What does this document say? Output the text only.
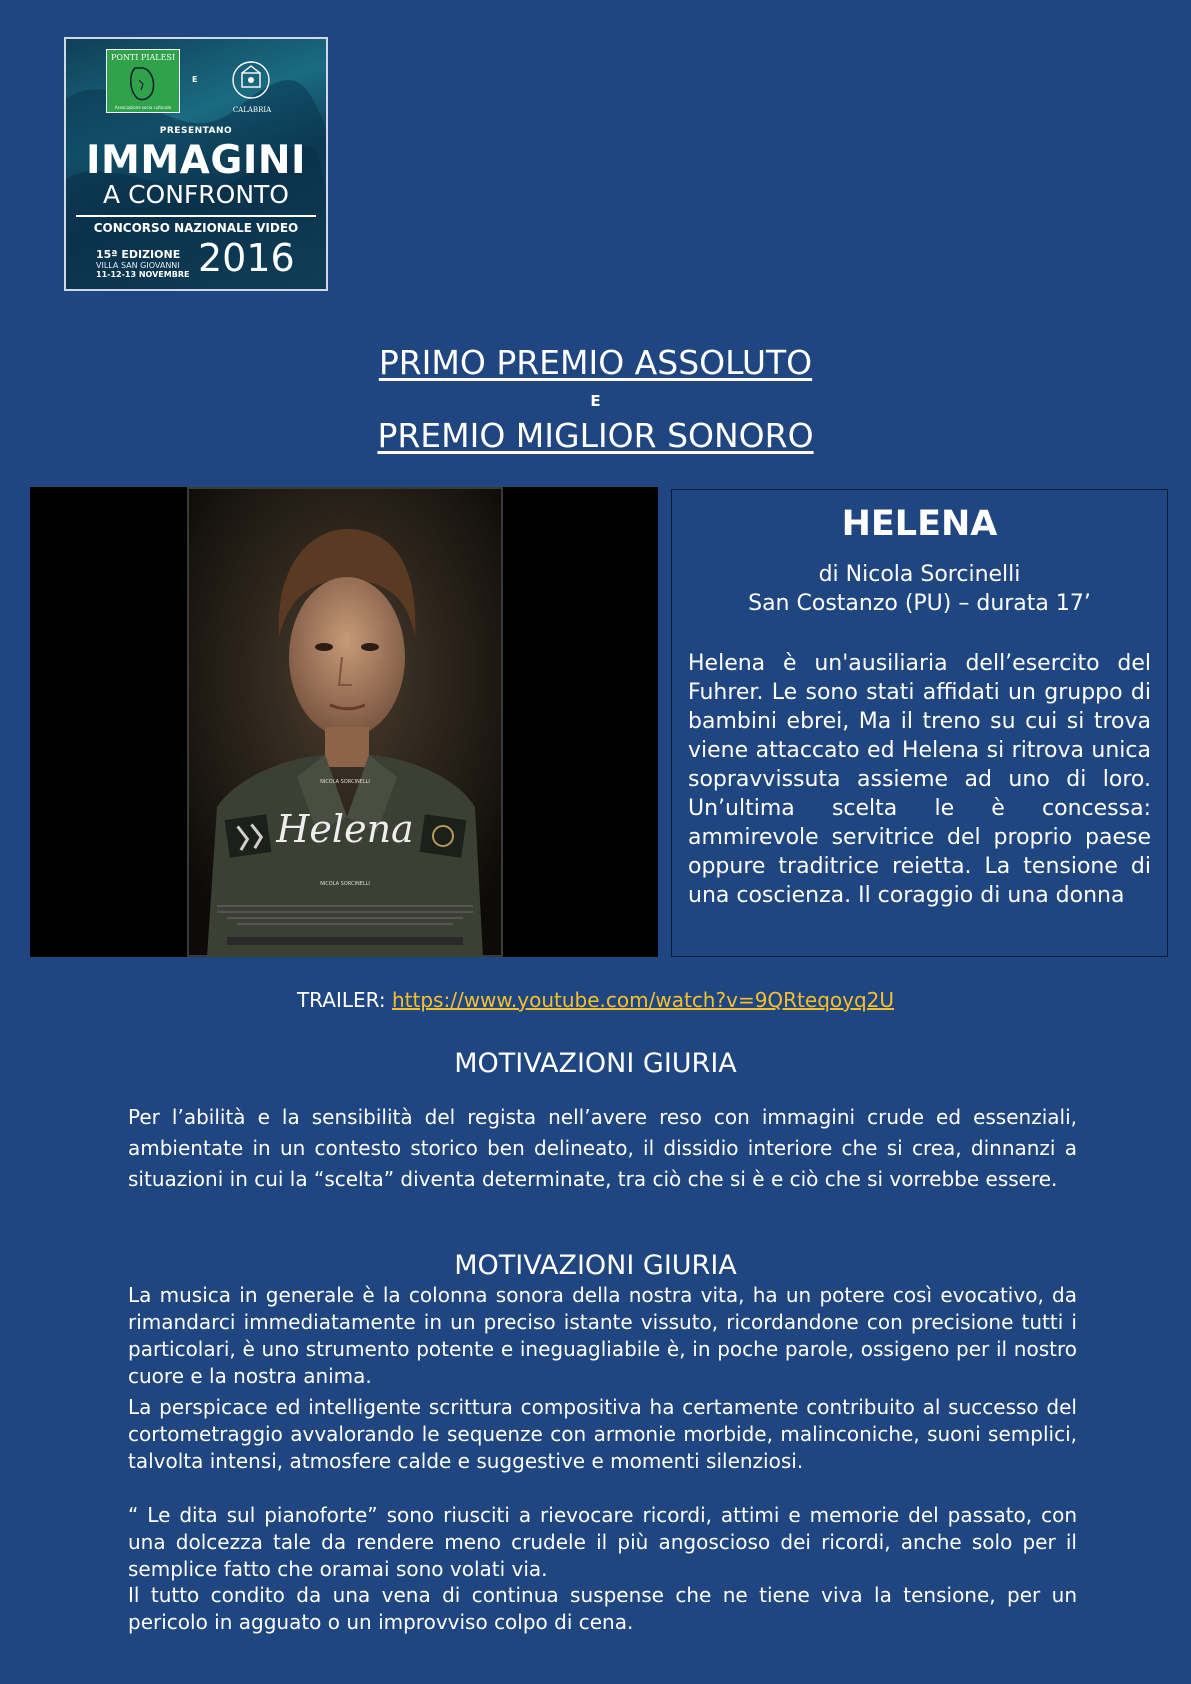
PONTI PIALESI
Associazione socio culturale
E
CALABRIA
PRESENTANO
IMMAGINI
A CONFRONTO
CONCORSO NAZIONALE VIDEO
15ª EDIZIONE
VILLA SAN GIOVANNI
11-12-13 NOVEMBRE 2016
PRIMO PREMIO ASSOLUTO
E
PREMIO MIGLIOR SONORO
Helena
NICOLA SORCINELLI
NICOLA SORCINELLI
HELENA
di Nicola Sorcinelli
San Costanzo (PU) – durata 17’
Helena è un'ausiliaria dell’esercito del Fuhrer. Le sono stati affidati un gruppo di bambini ebrei, Ma il treno su cui si trova viene attaccato ed Helena si ritrova unica sopravvissuta assieme ad uno di loro. Un’ultima scelta le è concessa: ammirevole servitrice del proprio paese oppure traditrice reietta. La tensione di una coscienza. Il coraggio di una donna
TRAILER: https://www.youtube.com/watch?v=9QRteqoyq2U
MOTIVAZIONI GIURIA
Per l’abilità e la sensibilità del regista nell’avere reso con immagini crude ed essenziali, ambientate in un contesto storico ben delineato, il dissidio interiore che si crea, dinnanzi a situazioni in cui la “scelta” diventa determinate, tra ciò che si è e ciò che si vorrebbe essere.
MOTIVAZIONI GIURIA
La musica in generale è la colonna sonora della nostra vita, ha un potere così evocativo, da rimandarci immediatamente in un preciso istante vissuto, ricordandone con precisione tutti i particolari, è uno strumento potente e ineguagliabile è, in poche parole, ossigeno per il nostro cuore e la nostra anima.
La perspicace ed intelligente scrittura compositiva ha certamente contribuito al successo del cortometraggio avvalorando le sequenze con armonie morbide, malinconiche, suoni semplici, talvolta intensi, atmosfere calde e suggestive e momenti silenziosi.
“ Le dita sul pianoforte” sono riusciti a rievocare ricordi, attimi e memorie del passato, con una dolcezza tale da rendere meno crudele il più angoscioso dei ricordi, anche solo per il semplice fatto che oramai sono volati via.
Il tutto condito da una vena di continua suspense che ne tiene viva la tensione, per un pericolo in agguato o un improvviso colpo di cena.
